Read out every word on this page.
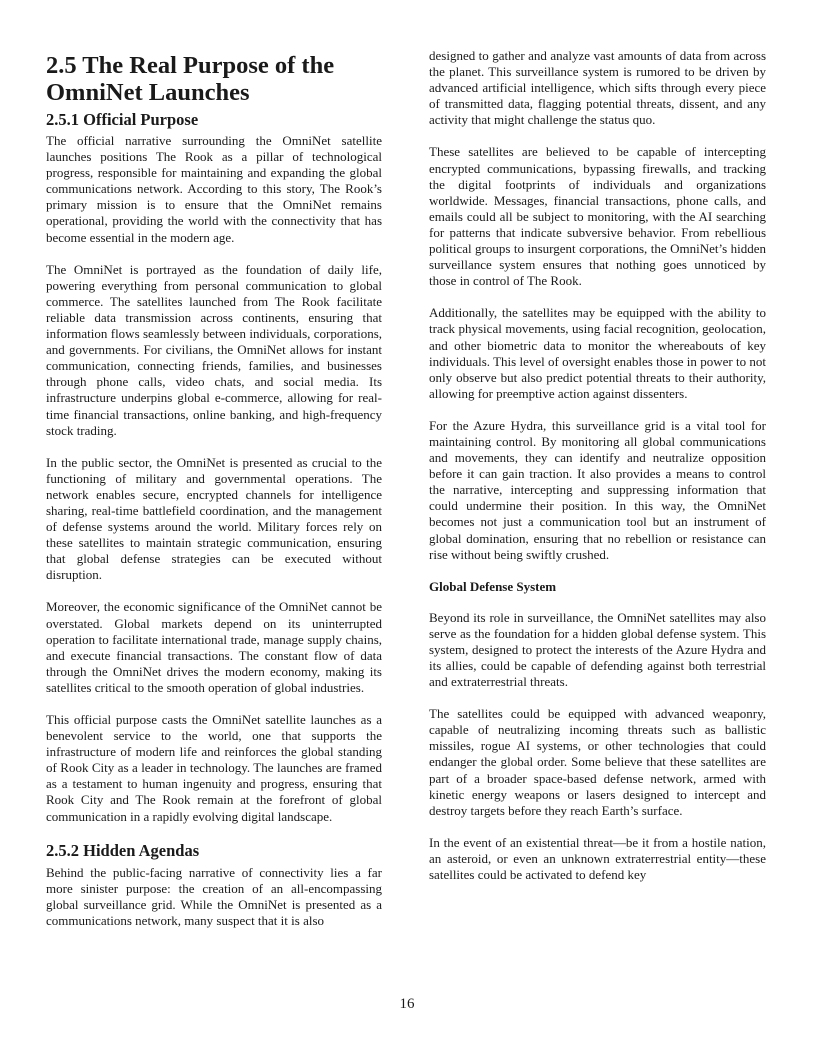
2.5 The Real Purpose of the OmniNet Launches
2.5.1 Official Purpose

The official narrative surrounding the OmniNet satellite launches positions The Rook as a pillar of technological progress, responsible for maintaining and expanding the global communications network. According to this story, The Rook’s primary mission is to ensure that the OmniNet remains operational, providing the world with the connectivity that has become essential in the modern age.

The OmniNet is portrayed as the foundation of daily life, powering everything from personal communication to global commerce. The satellites launched from The Rook facilitate reliable data transmission across continents, ensuring that information flows seamlessly between individuals, corporations, and governments. For civilians, the OmniNet allows for instant communication, connecting friends, families, and businesses through phone calls, video chats, and social media. Its infrastructure underpins global e-commerce, allowing for real-time financial transactions, online banking, and high-frequency stock trading.

In the public sector, the OmniNet is presented as crucial to the functioning of military and governmental operations. The network enables secure, encrypted channels for intelligence sharing, real-time battlefield coordination, and the management of defense systems around the world. Military forces rely on these satellites to maintain strategic communication, ensuring that global defense strategies can be executed without disruption.

Moreover, the economic significance of the OmniNet cannot be overstated. Global markets depend on its uninterrupted operation to facilitate international trade, manage supply chains, and execute financial transactions. The constant flow of data through the OmniNet drives the modern economy, making its satellites critical to the smooth operation of global industries.

This official purpose casts the OmniNet satellite launches as a benevolent service to the world, one that supports the infrastructure of modern life and reinforces the global standing of Rook City as a leader in technology. The launches are framed as a testament to human ingenuity and progress, ensuring that Rook City and The Rook remain at the forefront of global communication in a rapidly evolving digital landscape.

2.5.2 Hidden Agendas

Behind the public-facing narrative of connectivity lies a far more sinister purpose: the creation of an all-encompassing global surveillance grid. While the OmniNet is presented as a communications network, many suspect that it is also

designed to gather and analyze vast amounts of data from across the planet. This surveillance system is rumored to be driven by advanced artificial intelligence, which sifts through every piece of transmitted data, flagging potential threats, dissent, and any activity that might challenge the status quo.

These satellites are believed to be capable of intercepting encrypted communications, bypassing firewalls, and tracking the digital footprints of individuals and organizations worldwide. Messages, financial transactions, phone calls, and emails could all be subject to monitoring, with the AI searching for patterns that indicate subversive behavior. From rebellious political groups to insurgent corporations, the OmniNet’s hidden surveillance system ensures that nothing goes unnoticed by those in control of The Rook.

Additionally, the satellites may be equipped with the ability to track physical movements, using facial recognition, geolocation, and other biometric data to monitor the whereabouts of key individuals. This level of oversight enables those in power to not only observe but also predict potential threats to their authority, allowing for preemptive action against dissenters.

For the Azure Hydra, this surveillance grid is a vital tool for maintaining control. By monitoring all global communications and movements, they can identify and neutralize opposition before it can gain traction. It also provides a means to control the narrative, intercepting and suppressing information that could undermine their position. In this way, the OmniNet becomes not just a communication tool but an instrument of global domination, ensuring that no rebellion or resistance can rise without being swiftly crushed.

Global Defense System

Beyond its role in surveillance, the OmniNet satellites may also serve as the foundation for a hidden global defense system. This system, designed to protect the interests of the Azure Hydra and its allies, could be capable of defending against both terrestrial and extraterrestrial threats.

The satellites could be equipped with advanced weaponry, capable of neutralizing incoming threats such as ballistic missiles, rogue AI systems, or other technologies that could endanger the global order. Some believe that these satellites are part of a broader space-based defense network, armed with kinetic energy weapons or lasers designed to intercept and destroy targets before they reach Earth’s surface.

In the event of an existential threat—be it from a hostile nation, an asteroid, or even an unknown extraterrestrial entity—these satellites could be activated to defend key

16
